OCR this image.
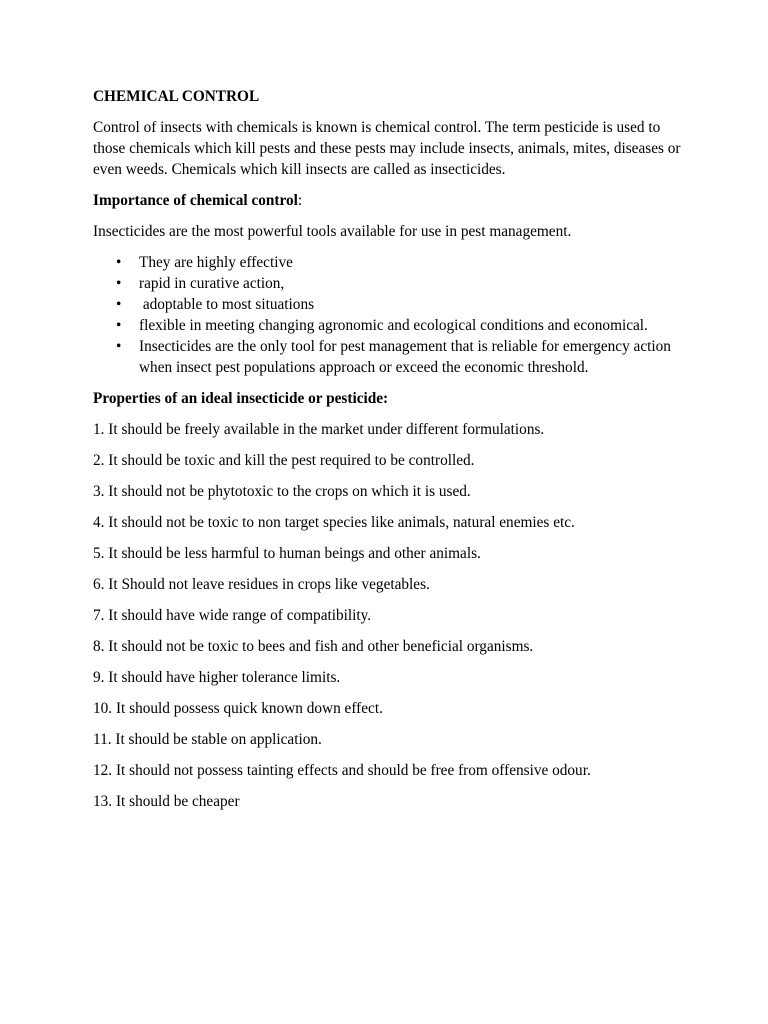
CHEMICAL CONTROL

Control of insects with chemicals is known is chemical control. The term pesticide is used to those chemicals which kill pests and these pests may include insects, animals, mites, diseases or even weeds. Chemicals which kill insects are called as insecticides.

Importance of chemical control:

Insecticides are the most powerful tools available for use in pest management.

• They are highly effective
• rapid in curative action,
• adoptable to most situations
• flexible in meeting changing agronomic and ecological conditions and economical.
• Insecticides are the only tool for pest management that is reliable for emergency action when insect pest populations approach or exceed the economic threshold.

Properties of an ideal insecticide or pesticide:

1. It should be freely available in the market under different formulations.
2. It should be toxic and kill the pest required to be controlled.
3. It should not be phytotoxic to the crops on which it is used.
4. It should not be toxic to non target species like animals, natural enemies etc.
5. It should be less harmful to human beings and other animals.
6. It Should not leave residues in crops like vegetables.
7. It should have wide range of compatibility.
8. It should not be toxic to bees and fish and other beneficial organisms.
9. It should have higher tolerance limits.
10. It should possess quick known down effect.
11. It should be stable on application.
12. It should not possess tainting effects and should be free from offensive odour.
13. It should be cheaper
